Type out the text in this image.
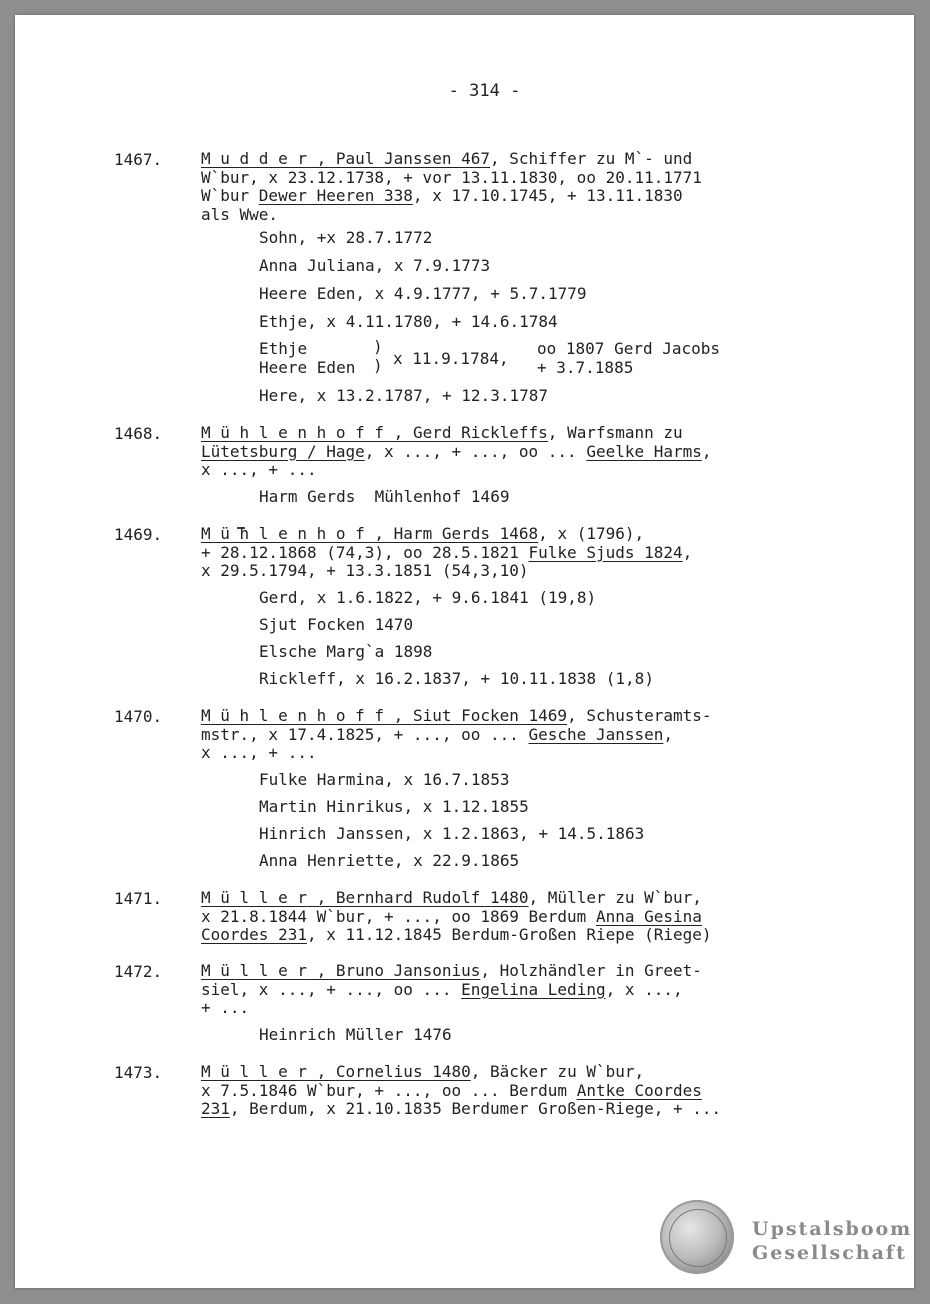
- 314 -
1467. M u d d e r , Paul Janssen 467, Schiffer zu M`- und
W`bur, x 23.12.1738, + vor 13.11.1830, oo 20.11.1771
W`bur Dewer Heeren 338, x 17.10.1745, + 13.11.1830
als Wwe.
Sohn, +x 28.7.1772
Anna Juliana, x 7.9.1773
Heere Eden, x 4.9.1777, + 5.7.1779
Ethje, x 4.11.1780, + 14.6.1784
Ethje
Heere Eden
)
) x 11.9.1784,
oo 1807 Gerd Jacobs
+ 3.7.1885
Here, x 13.2.1787, + 12.3.1787
1468. M ü h l e n h o f f , Gerd Rickleffs, Warfsmann zu
Lütetsburg / Hage, x ..., + ..., oo ... Geelke Harms,
x ..., + ...
Harm Gerds  Mühlenhof 1469
1469. M ü h l e n h o f , Harm Gerds 1468, x (1796),
+ 28.12.1868 (74,3), oo 28.5.1821 Fulke Sjuds 1824,
x 29.5.1794, + 13.3.1851 (54,3,10)
Gerd, x 1.6.1822, + 9.6.1841 (19,8)
Sjut Focken 1470
Elsche Marg`a 1898
Rickleff, x 16.2.1837, + 10.11.1838 (1,8)
1470. M ü h l e n h o f f , Siut Focken 1469, Schusteramts-
mstr., x 17.4.1825, + ..., oo ... Gesche Janssen,
x ..., + ...
Fulke Harmina, x 16.7.1853
Martin Hinrikus, x 1.12.1855
Hinrich Janssen, x 1.2.1863, + 14.5.1863
Anna Henriette, x 22.9.1865
1471. M ü l l e r , Bernhard Rudolf 1480, Müller zu W`bur,
x 21.8.1844 W`bur, + ..., oo 1869 Berdum Anna Gesina
Coordes 231, x 11.12.1845 Berdum-Großen Riepe (Riege)
1472. M ü l l e r , Bruno Jansonius, Holzhändler in Greet-
siel, x ..., + ..., oo ... Engelina Leding, x ...,
+ ...
Heinrich Müller 1476
1473. M ü l l e r , Cornelius 1480, Bäcker zu W`bur,
x 7.5.1846 W`bur, + ..., oo ... Berdum Antke Coordes
231, Berdum, x 21.10.1835 Berdumer Großen-Riege, + ...
Upstalsboom
Gesellschaft
